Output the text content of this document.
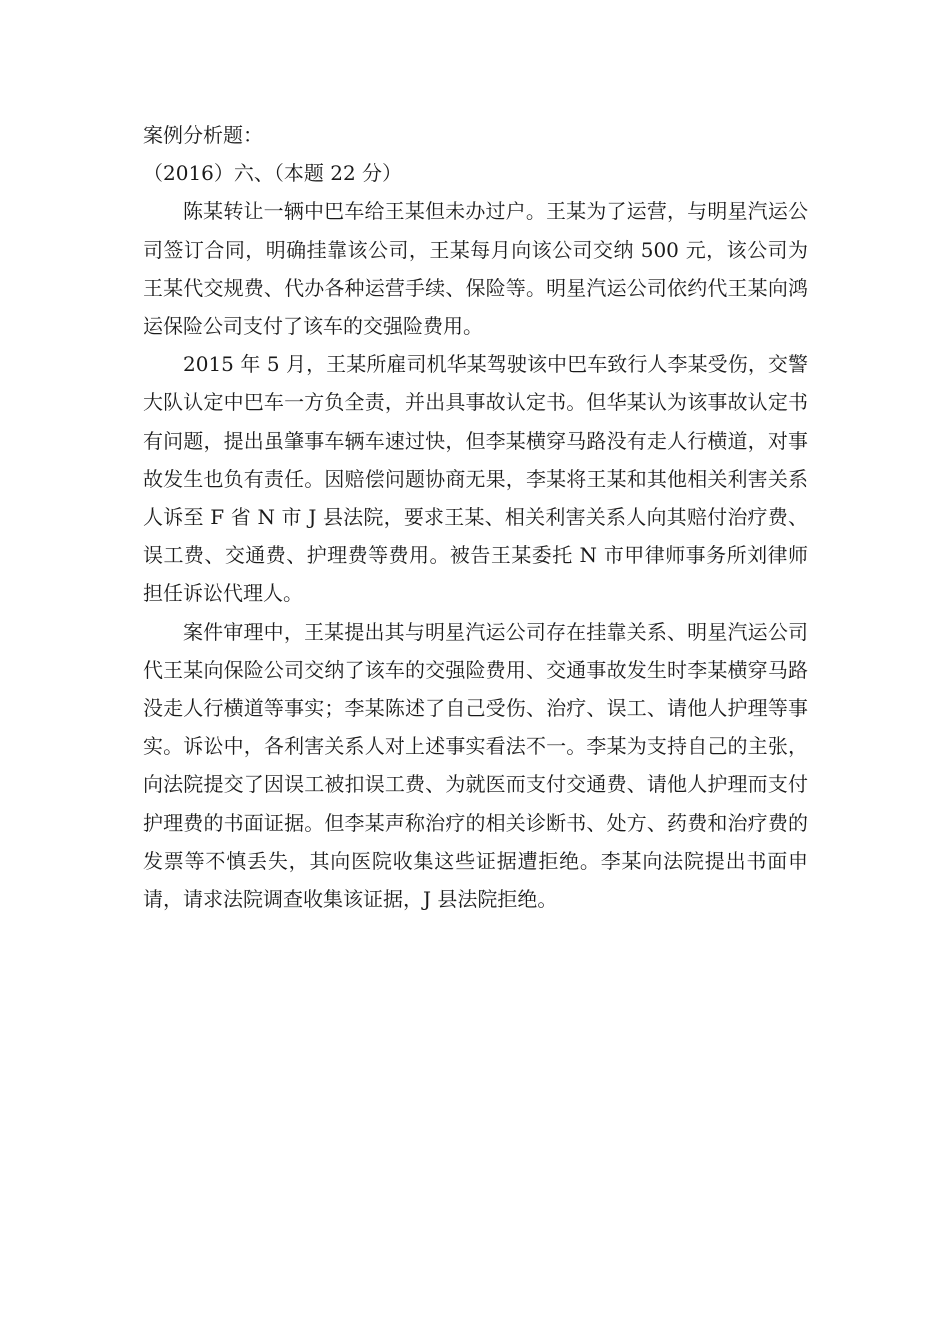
案例分析题：

（2016）六、（本题 22 分）

陈某转让一辆中巴车给王某但未办过户。王某为了运营，与明星汽运公司签订合同，明确挂靠该公司，王某每月向该公司交纳 500 元，该公司为王某代交规费、代办各种运营手续、保险等。明星汽运公司依约代王某向鸿运保险公司支付了该车的交强险费用。

2015 年 5 月，王某所雇司机华某驾驶该中巴车致行人李某受伤，交警大队认定中巴车一方负全责，并出具事故认定书。但华某认为该事故认定书有问题，提出虽肇事车辆车速过快，但李某横穿马路没有走人行横道，对事故发生也负有责任。因赔偿问题协商无果，李某将王某和其他相关利害关系人诉至 F 省 N 市 J 县法院，要求王某、相关利害关系人向其赔付治疗费、误工费、交通费、护理费等费用。被告王某委托 N 市甲律师事务所刘律师担任诉讼代理人。

案件审理中，王某提出其与明星汽运公司存在挂靠关系、明星汽运公司代王某向保险公司交纳了该车的交强险费用、交通事故发生时李某横穿马路没走人行横道等事实；李某陈述了自己受伤、治疗、误工、请他人护理等事实。诉讼中，各利害关系人对上述事实看法不一。李某为支持自己的主张，向法院提交了因误工被扣误工费、为就医而支付交通费、请他人护理而支付护理费的书面证据。但李某声称治疗的相关诊断书、处方、药费和治疗费的发票等不慎丢失，其向医院收集这些证据遭拒绝。李某向法院提出书面申请，请求法院调查收集该证据，J 县法院拒绝。
